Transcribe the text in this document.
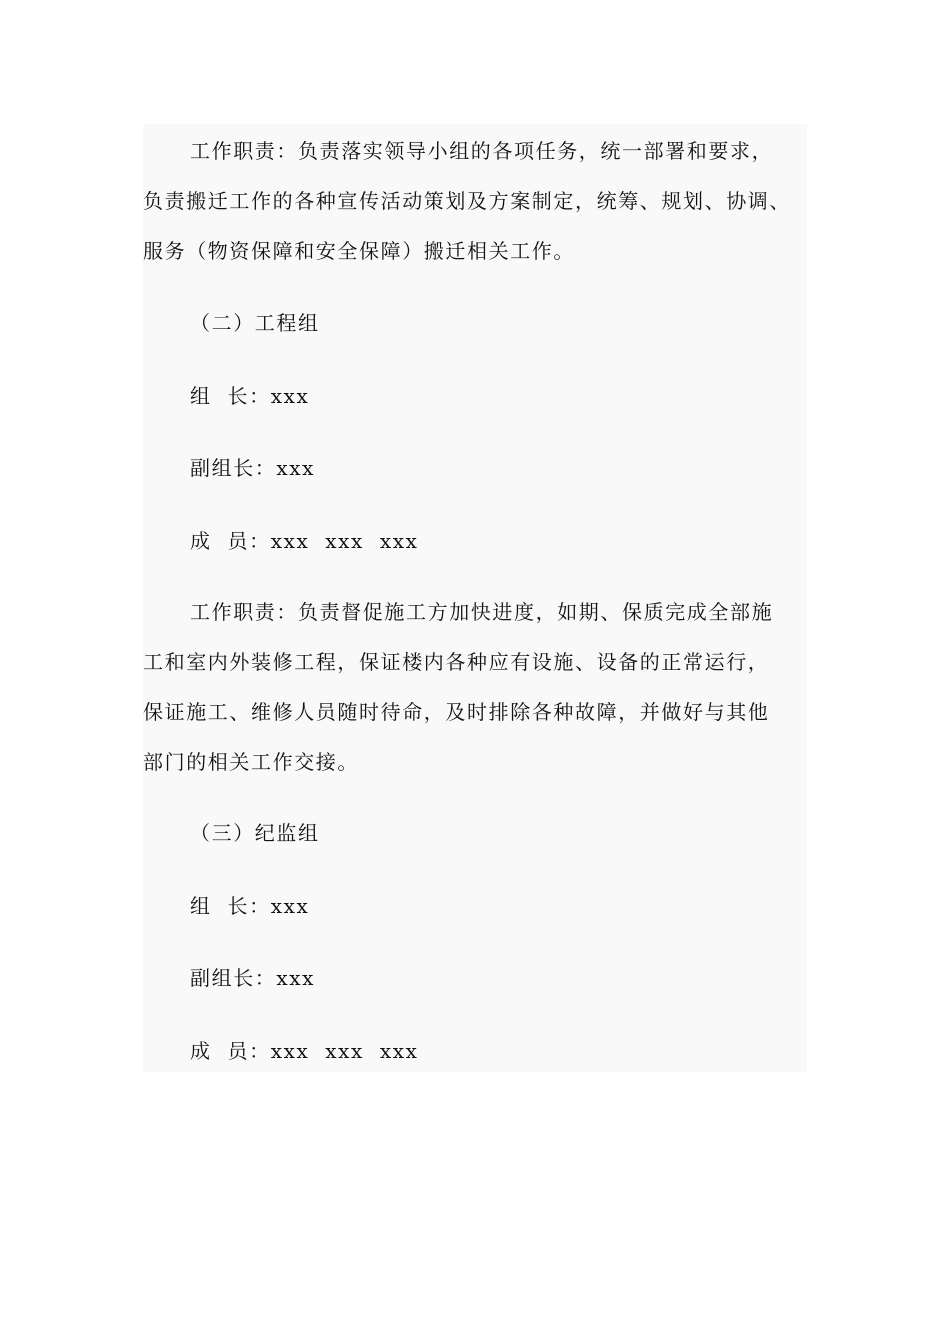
工作职责：负责落实领导小组的各项任务，统一部署和要求，

负责搬迁工作的各种宣传活动策划及方案制定，统筹、规划、协调、

服务（物资保障和安全保障）搬迁相关工作。

（二）工程组

组  长：xxx

副组长：xxx

成  员：xxx  xxx  xxx

工作职责：负责督促施工方加快进度，如期、保质完成全部施

工和室内外装修工程，保证楼内各种应有设施、设备的正常运行，

保证施工、维修人员随时待命，及时排除各种故障，并做好与其他

部门的相关工作交接。

（三）纪监组

组  长：xxx

副组长：xxx

成  员：xxx  xxx  xxx
